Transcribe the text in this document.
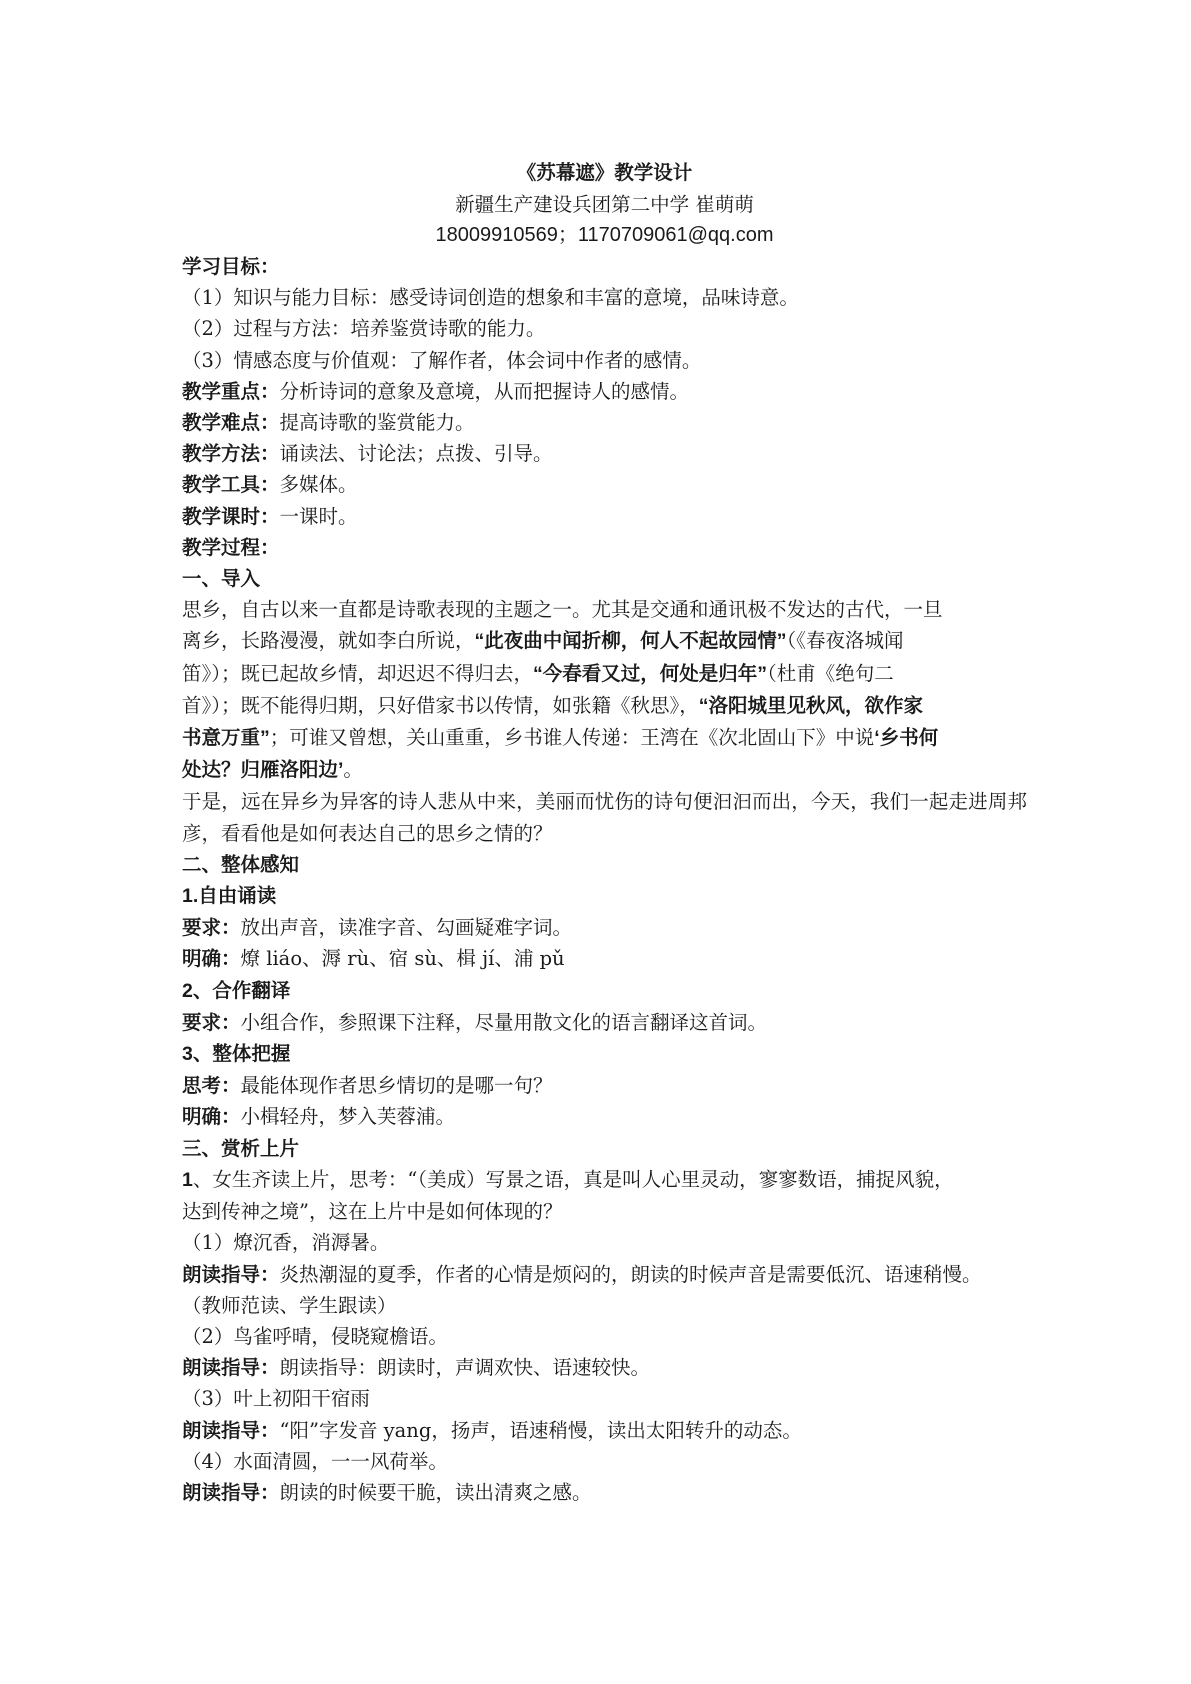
《苏幕遮》教学设计
新疆生产建设兵团第二中学 崔萌萌
18009910569；1170709061@qq.com

学习目标：

（1）知识与能力目标：感受诗词创造的想象和丰富的意境，品味诗意。

（2）过程与方法：培养鉴赏诗歌的能力。

（3）情感态度与价值观：了解作者，体会词中作者的感情。

教学重点：分析诗词的意象及意境，从而把握诗人的感情。

教学难点：提高诗歌的鉴赏能力。

教学方法：诵读法、讨论法；点拨、引导。

教学工具：多媒体。

教学课时：一课时。

教学过程：

一、导入

思乡，自古以来一直都是诗歌表现的主题之一。尤其是交通和通讯极不发达的古代，一旦

离乡，长路漫漫，就如李白所说，“此夜曲中闻折柳，何人不起故园情”（《春夜洛城闻

笛》）；既已起故乡情，却迟迟不得归去，“今春看又过，何处是归年”（杜甫《绝句二

首》）；既不能得归期，只好借家书以传情，如张籍《秋思》，“洛阳城里见秋风，欲作家

书意万重”；可谁又曾想，关山重重，乡书谁人传递：王湾在《次北固山下》中说‘乡书何

处达？归雁洛阳边’。

于是，远在异乡为异客的诗人悲从中来，美丽而忧伤的诗句便汩汩而出，今天，我们一起走进周邦彦，看看他是如何表达自己的思乡之情的？

二、整体感知

1.自由诵读

要求：放出声音，读准字音、勾画疑难字词。

明确：燎 liáo、溽 rù、宿 sù、楫 jí、浦 pǔ

2、合作翻译

要求：小组合作，参照课下注释，尽量用散文化的语言翻译这首词。

3、整体把握

思考：最能体现作者思乡情切的是哪一句？

明确：小楫轻舟，梦入芙蓉浦。

三、赏析上片

1、女生齐读上片，思考：“（美成）写景之语，真是叫人心里灵动，寥寥数语，捕捉风貌，

达到传神之境”，这在上片中是如何体现的？

（1）燎沉香，消溽暑。

朗读指导：炎热潮湿的夏季，作者的心情是烦闷的，朗读的时候声音是需要低沉、语速稍慢。

（教师范读、学生跟读）

（2）鸟雀呼晴，侵晓窥檐语。

朗读指导：朗读指导：朗读时，声调欢快、语速较快。

（3）叶上初阳干宿雨

朗读指导：“阳”字发音 yang，扬声，语速稍慢，读出太阳转升的动态。

（4）水面清圆，一一风荷举。

朗读指导：朗读的时候要干脆，读出清爽之感。
